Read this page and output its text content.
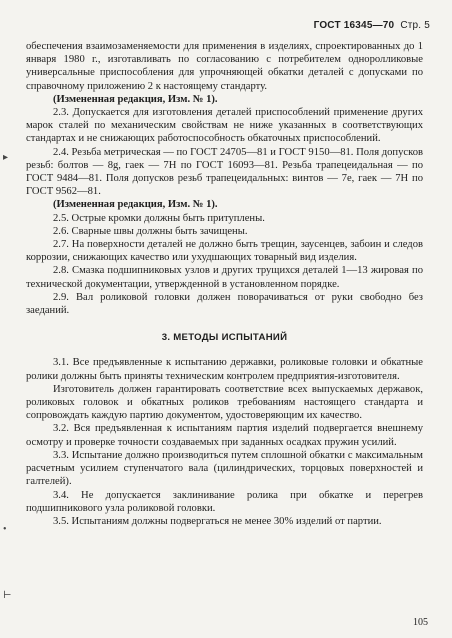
ГОСТ 16345—70 Стр. 5
▸
•
⊢

обеспечения взаимозаменяемости для применения в изделиях, спроектированных до 1 января 1980 г., изготавливать по согласованию с потребителем одноролликовые универсальные приспособления для упрочняющей обкатки деталей с допусками по справочному приложению 2 к настоящему стандарту.

(Измененная редакция, Изм. № 1).

2.3. Допускается для изготовления деталей приспособлений применение других марок сталей по механическим свойствам не ниже указанных в соответствующих стандартах и не снижающих работоспособность обкаточных приспособлений.

2.4. Резьба метрическая — по ГОСТ 24705—81 и ГОСТ 9150—81. Поля допусков резьб: болтов — 8g, гаек — 7H по ГОСТ 16093—81. Резьба трапецеидальная — по ГОСТ 9484—81. Поля допусков резьб трапецеидальных: винтов — 7e, гаек — 7H по ГОСТ 9562—81.

(Измененная редакция, Изм. № 1).

2.5. Острые кромки должны быть притуплены.

2.6. Сварные швы должны быть зачищены.

2.7. На поверхности деталей не должно быть трещин, заусенцев, забоин и следов коррозии, снижающих качество или ухудшающих товарный вид изделия.

2.8. Смазка подшипниковых узлов и других трущихся деталей 1—13 жировая по технической документации, утвержденной в установленном порядке.

2.9. Вал роликовой головки должен поворачиваться от руки свободно без заеданий.

3. МЕТОДЫ ИСПЫТАНИЙ

3.1. Все предъявленные к испытанию державки, роликовые головки и обкатные ролики должны быть приняты техническим контролем предприятия-изготовителя.

Изготовитель должен гарантировать соответствие всех выпускаемых державок, роликовых головок и обкатных роликов требованиям настоящего стандарта и сопровождать каждую партию документом, удостоверяющим их качество.

3.2. Вся предъявленная к испытаниям партия изделий подвергается внешнему осмотру и проверке точности создаваемых при заданных осадках пружин усилий.

3.3. Испытание должно производиться путем сплошной обкатки с максимальным расчетным усилием ступенчатого вала (цилиндрических, торцовых поверхностей и галтелей).

3.4. Не допускается заклинивание ролика при обкатке и перегрев подшипникового узла роликовой головки.

3.5. Испытаниям должны подвергаться не менее 30% изделий от партии.

105
